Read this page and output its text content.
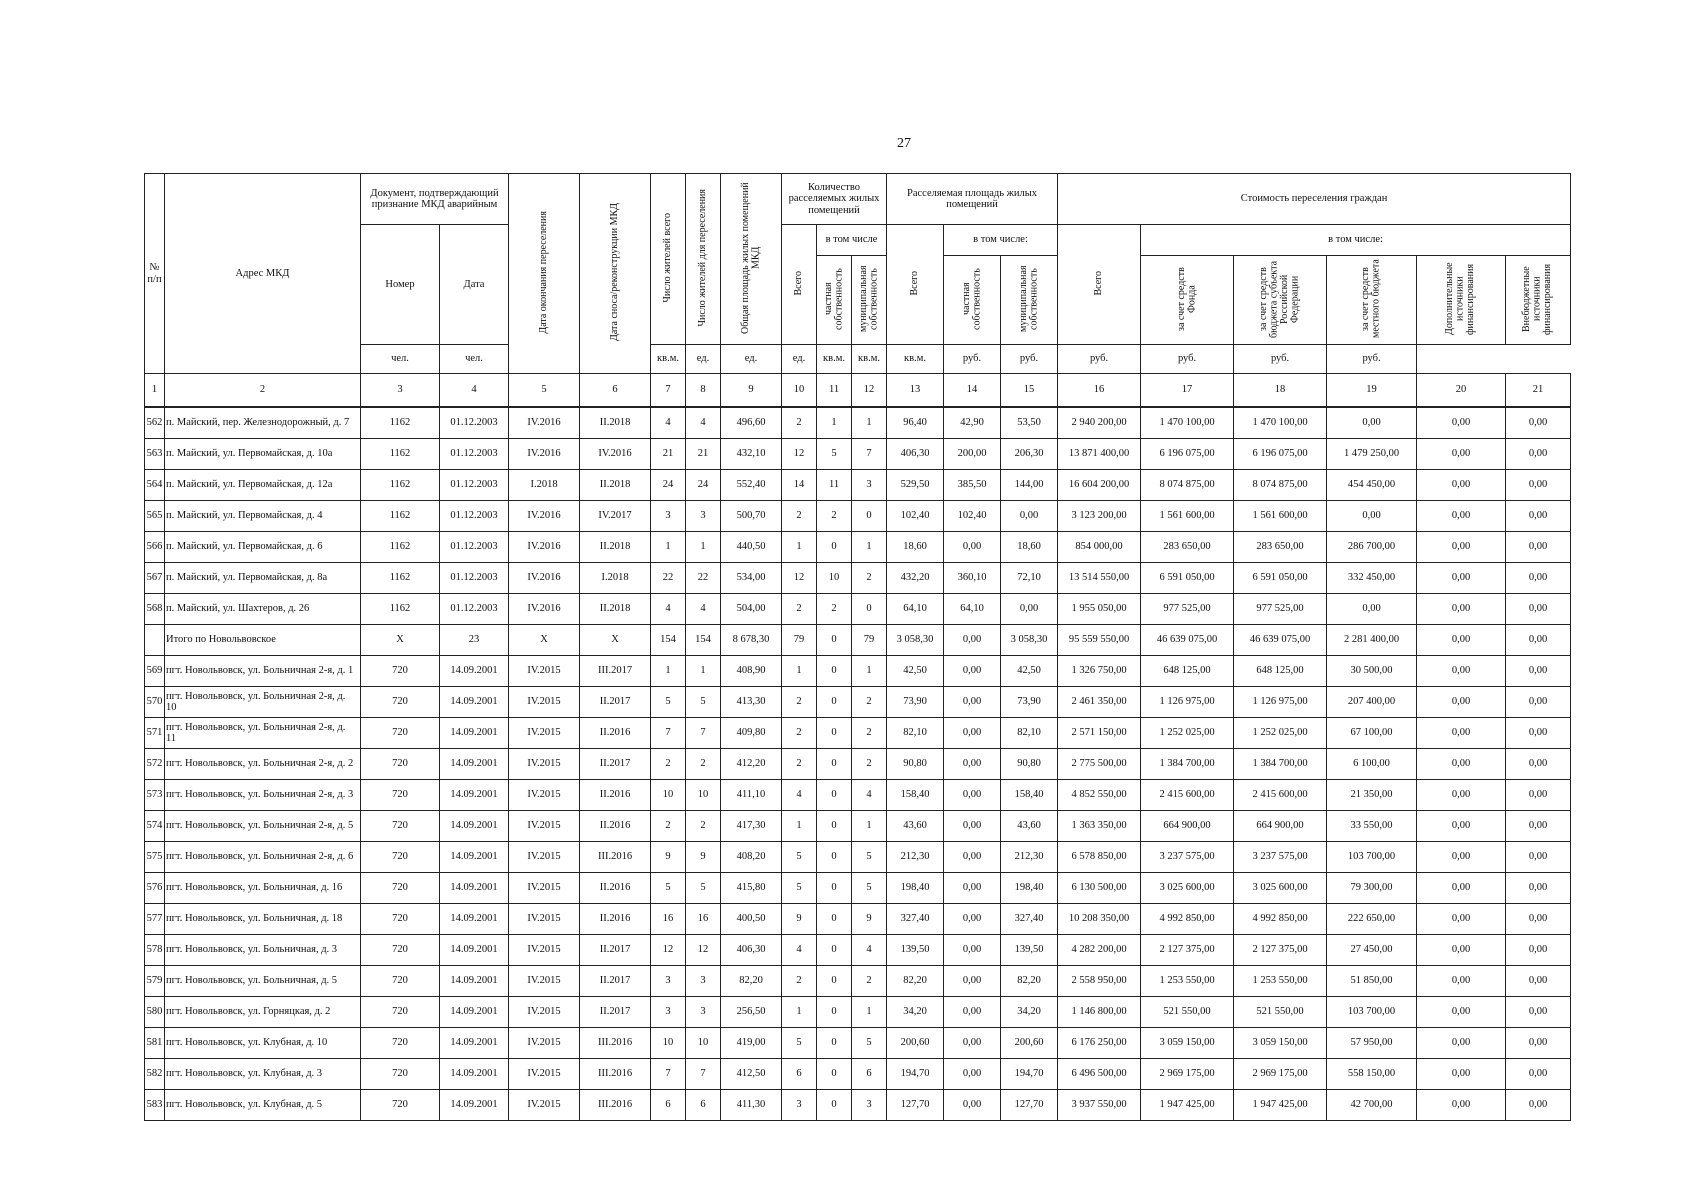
27
№
п/п	Адрес МКД	Документ, подтверждающий признание МКД аварийным		Дата окончания переселения	Дата сноса/реконструкции МКД	Число жителей всего	Число жителей для переселения	Общая площадь жилых помещений МКД	Количество расселяемых жилых помещений			Расселяемая площадь жилых помещений			Стоимость переселения граждан					
		Номер	Дата						Всего	в том числе		Всего	в том числе:		Всего	в том числе:				
										частная собственность	муниципальная собственность		частная собственность	муниципальная собственность		за счет средств Фонда	за счет средств бюджета субъекта Российской Федерации	за счет средств местного бюджета	Дополнительные источники финансирования	Внебюджетные источники финансирования
		чел.	чел.			кв.м.	ед.	ед.	ед.	кв.м.	кв.м.	кв.м.	руб.	руб.	руб.	руб.	руб.	руб.		
1	2	3	4	5	6	7	8	9	10	11	12	13	14	15	16	17	18	19	20	21
562	п. Майский, пер. Железнодорожный, д. 7	1162	01.12.2003	IV.2016	II.2018	4	4	496,60	2	1	1	96,40	42,90	53,50	2 940 200,00	1 470 100,00	1 470 100,00	0,00	0,00	0,00
563	п. Майский, ул. Первомайская, д. 10а	1162	01.12.2003	IV.2016	IV.2016	21	21	432,10	12	5	7	406,30	200,00	206,30	13 871 400,00	6 196 075,00	6 196 075,00	1 479 250,00	0,00	0,00
564	п. Майский, ул. Первомайская, д. 12а	1162	01.12.2003	I.2018	II.2018	24	24	552,40	14	11	3	529,50	385,50	144,00	16 604 200,00	8 074 875,00	8 074 875,00	454 450,00	0,00	0,00
565	п. Майский, ул. Первомайская, д. 4	1162	01.12.2003	IV.2016	IV.2017	3	3	500,70	2	2	0	102,40	102,40	0,00	3 123 200,00	1 561 600,00	1 561 600,00	0,00	0,00	0,00
566	п. Майский, ул. Первомайская, д. 6	1162	01.12.2003	IV.2016	II.2018	1	1	440,50	1	0	1	18,60	0,00	18,60	854 000,00	283 650,00	283 650,00	286 700,00	0,00	0,00
567	п. Майский, ул. Первомайская, д. 8а	1162	01.12.2003	IV.2016	I.2018	22	22	534,00	12	10	2	432,20	360,10	72,10	13 514 550,00	6 591 050,00	6 591 050,00	332 450,00	0,00	0,00
568	п. Майский, ул. Шахтеров, д. 26	1162	01.12.2003	IV.2016	II.2018	4	4	504,00	2	2	0	64,10	64,10	0,00	1 955 050,00	977 525,00	977 525,00	0,00	0,00	0,00
	Итого по Новольвовское	X	23	X	X	154	154	8 678,30	79	0	79	3 058,30	0,00	3 058,30	95 559 550,00	46 639 075,00	46 639 075,00	2 281 400,00	0,00	0,00
569	пгт. Новольвовск, ул. Больничная 2-я, д. 1	720	14.09.2001	IV.2015	III.2017	1	1	408,90	1	0	1	42,50	0,00	42,50	1 326 750,00	648 125,00	648 125,00	30 500,00	0,00	0,00
570	пгт. Новольвовск, ул. Больничная 2-я, д. 10	720	14.09.2001	IV.2015	II.2017	5	5	413,30	2	0	2	73,90	0,00	73,90	2 461 350,00	1 126 975,00	1 126 975,00	207 400,00	0,00	0,00
571	пгт. Новольвовск, ул. Больничная 2-я, д. 11	720	14.09.2001	IV.2015	II.2016	7	7	409,80	2	0	2	82,10	0,00	82,10	2 571 150,00	1 252 025,00	1 252 025,00	67 100,00	0,00	0,00
572	пгт. Новольвовск, ул. Больничная 2-я, д. 2	720	14.09.2001	IV.2015	II.2017	2	2	412,20	2	0	2	90,80	0,00	90,80	2 775 500,00	1 384 700,00	1 384 700,00	6 100,00	0,00	0,00
573	пгт. Новольвовск, ул. Больничная 2-я, д. 3	720	14.09.2001	IV.2015	II.2016	10	10	411,10	4	0	4	158,40	0,00	158,40	4 852 550,00	2 415 600,00	2 415 600,00	21 350,00	0,00	0,00
574	пгт. Новольвовск, ул. Больничная 2-я, д. 5	720	14.09.2001	IV.2015	II.2016	2	2	417,30	1	0	1	43,60	0,00	43,60	1 363 350,00	664 900,00	664 900,00	33 550,00	0,00	0,00
575	пгт. Новольвовск, ул. Больничная 2-я, д. 6	720	14.09.2001	IV.2015	III.2016	9	9	408,20	5	0	5	212,30	0,00	212,30	6 578 850,00	3 237 575,00	3 237 575,00	103 700,00	0,00	0,00
576	пгт. Новольвовск, ул. Больничная, д. 16	720	14.09.2001	IV.2015	II.2016	5	5	415,80	5	0	5	198,40	0,00	198,40	6 130 500,00	3 025 600,00	3 025 600,00	79 300,00	0,00	0,00
577	пгт. Новольвовск, ул. Больничная, д. 18	720	14.09.2001	IV.2015	II.2016	16	16	400,50	9	0	9	327,40	0,00	327,40	10 208 350,00	4 992 850,00	4 992 850,00	222 650,00	0,00	0,00
578	пгт. Новольвовск, ул. Больничная, д. 3	720	14.09.2001	IV.2015	II.2017	12	12	406,30	4	0	4	139,50	0,00	139,50	4 282 200,00	2 127 375,00	2 127 375,00	27 450,00	0,00	0,00
579	пгт. Новольвовск, ул. Больничная, д. 5	720	14.09.2001	IV.2015	II.2017	3	3	82,20	2	0	2	82,20	0,00	82,20	2 558 950,00	1 253 550,00	1 253 550,00	51 850,00	0,00	0,00
580	пгт. Новольвовск, ул. Горняцкая, д. 2	720	14.09.2001	IV.2015	II.2017	3	3	256,50	1	0	1	34,20	0,00	34,20	1 146 800,00	521 550,00	521 550,00	103 700,00	0,00	0,00
581	пгт. Новольвовск, ул. Клубная, д. 10	720	14.09.2001	IV.2015	III.2016	10	10	419,00	5	0	5	200,60	0,00	200,60	6 176 250,00	3 059 150,00	3 059 150,00	57 950,00	0,00	0,00
582	пгт. Новольвовск, ул. Клубная, д. 3	720	14.09.2001	IV.2015	III.2016	7	7	412,50	6	0	6	194,70	0,00	194,70	6 496 500,00	2 969 175,00	2 969 175,00	558 150,00	0,00	0,00
583	пгт. Новольвовск, ул. Клубная, д. 5	720	14.09.2001	IV.2015	III.2016	6	6	411,30	3	0	3	127,70	0,00	127,70	3 937 550,00	1 947 425,00	1 947 425,00	42 700,00	0,00	0,00
